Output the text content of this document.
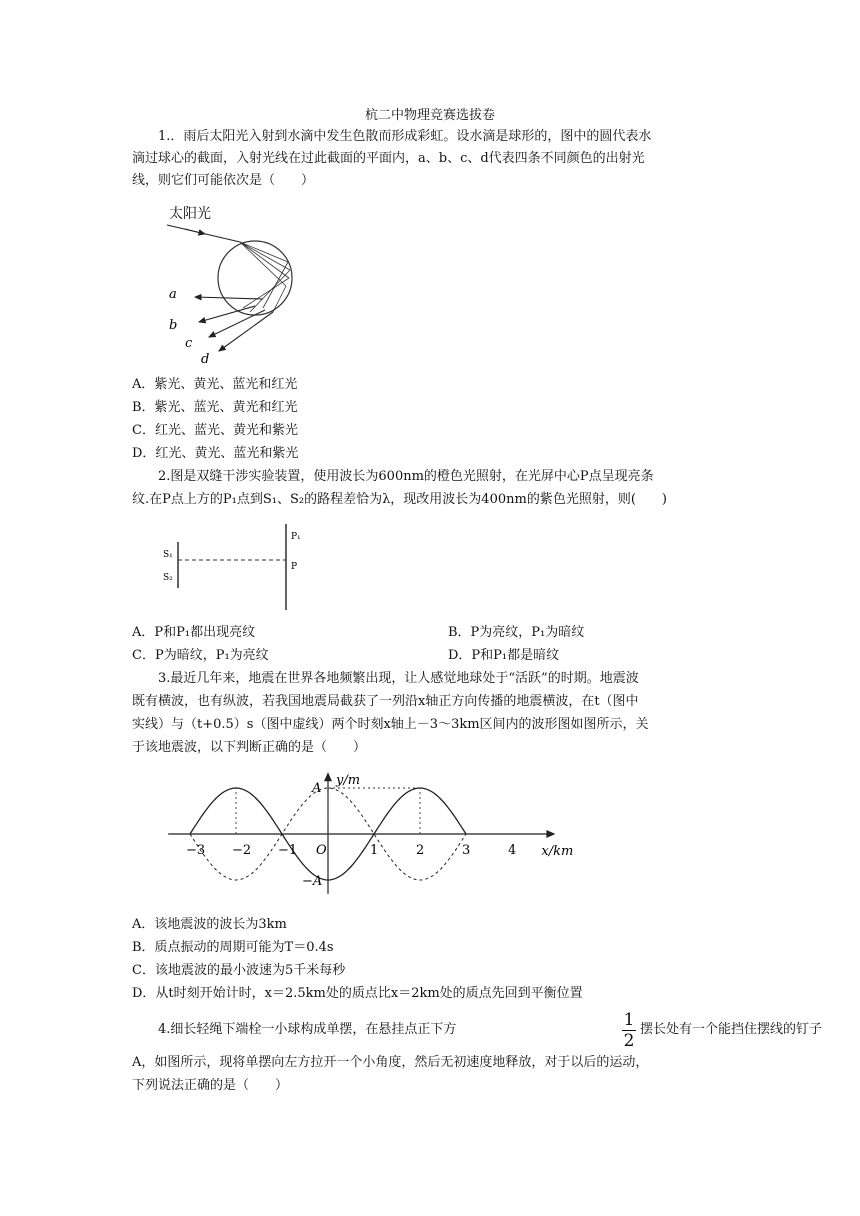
杭二中物理竞赛选拔卷
1.．雨后太阳光入射到水滴中发生色散而形成彩虹。设水滴是球形的，图中的圆代表水
滴过球心的截面，入射光线在过此截面的平面内，a、b、c、d代表四条不同颜色的出射光
线，则它们可能依次是（　　）
太阳光
a
b
c
d
A．紫光、黄光、蓝光和红光
B．紫光、蓝光、黄光和红光
C．红光、蓝光、黄光和紫光
D．红光、黄光、蓝光和紫光
2.图是双缝干涉实验装置，使用波长为600nm的橙色光照射，在光屏中心P点呈现亮条
纹.在P点上方的P₁点到S₁、S₂的路程差恰为λ，现改用波长为400nm的紫色光照射，则(　　)
S₁
S₂
P₁
P
A．P和P₁都出现亮纹	B．P为亮纹，P₁为暗纹
C．P为暗纹，P₁为亮纹	D．P和P₁都是暗纹
3.最近几年来，地震在世界各地频繁出现，让人感觉地球处于“活跃”的时期。地震波
既有横波，也有纵波，若我国地震局截获了一列沿x轴正方向传播的地震横波，在t（图中
实线）与（t+0.5）s（图中虚线）两个时刻x轴上－3～3km区间内的波形图如图所示，关
于该地震波，以下判断正确的是（　　）
−3 −2 −1 O	1	2	3	4
A
−A
x/km
y/m
A．该地震波的波长为3km
B．质点振动的周期可能为T＝0.4s
C．该地震波的最小波速为5千米每秒
D．从t时刻开始计时，x＝2.5km处的质点比x＝2km处的质点先回到平衡位置
4.细长轻绳下端栓一小球构成单摆，在悬挂点正下方	$\frac{1}{2}$ 摆长处有一个能挡住摆线的钉子
A，如图所示，现将单摆向左方拉开一个小角度，然后无初速度地释放，对于以后的运动，
下列说法正确的是（　　）
